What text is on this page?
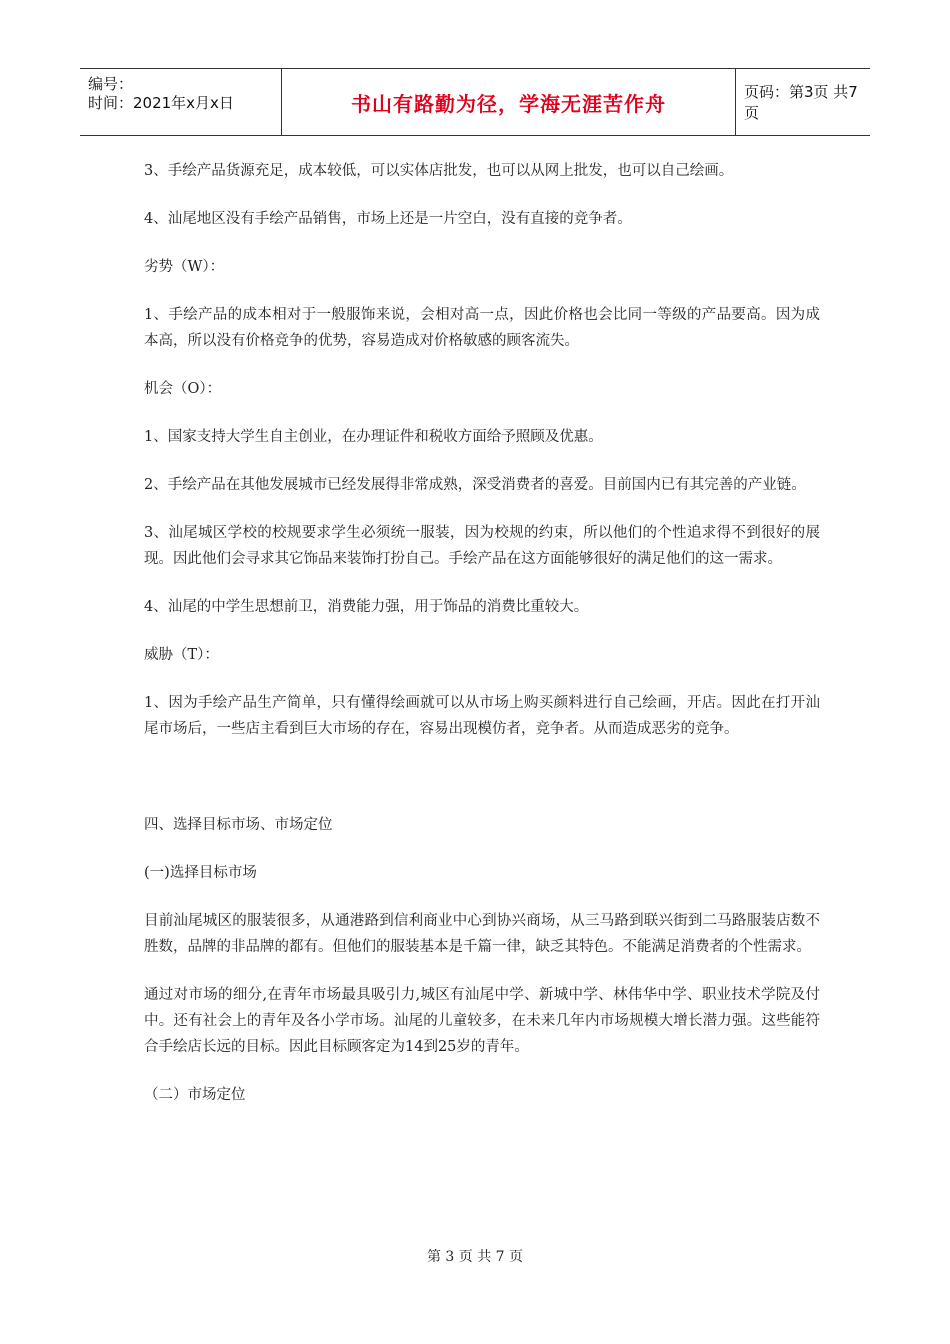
编号：
时间：2021年x月x日	书山有路勤为径，学海无涯苦作舟	页码：第3页 共7页

3、手绘产品货源充足，成本较低，可以实体店批发，也可以从网上批发，也可以自己绘画。

4、汕尾地区没有手绘产品销售，市场上还是一片空白，没有直接的竞争者。

劣势（W）：

1、手绘产品的成本相对于一般服饰来说，会相对高一点，因此价格也会比同一等级的产品要高。因为成本高，所以没有价格竞争的优势，容易造成对价格敏感的顾客流失。

机会（O）：

1、国家支持大学生自主创业，在办理证件和税收方面给予照顾及优惠。

2、手绘产品在其他发展城市已经发展得非常成熟，深受消费者的喜爱。目前国内已有其完善的产业链。

3、汕尾城区学校的校规要求学生必须统一服装，因为校规的约束，所以他们的个性追求得不到很好的展现。因此他们会寻求其它饰品来装饰打扮自己。手绘产品在这方面能够很好的满足他们的这一需求。

4、汕尾的中学生思想前卫，消费能力强，用于饰品的消费比重较大。

威胁（T）：

1、因为手绘产品生产简单，只有懂得绘画就可以从市场上购买颜料进行自己绘画，开店。因此在打开汕尾市场后，一些店主看到巨大市场的存在，容易出现模仿者，竞争者。从而造成恶劣的竞争。

四、选择目标市场、市场定位

(一)选择目标市场

目前汕尾城区的服装很多，从通港路到信利商业中心到协兴商场，从三马路到联兴街到二马路服装店数不胜数，品牌的非品牌的都有。但他们的服装基本是千篇一律，缺乏其特色。不能满足消费者的个性需求。

通过对市场的细分,在青年市场最具吸引力,城区有汕尾中学、新城中学、林伟华中学、职业技术学院及付中。还有社会上的青年及各小学市场。汕尾的儿童较多，在未来几年内市场规模大增长潜力强。这些能符合手绘店长远的目标。因此目标顾客定为14到25岁的青年。

（二）市场定位

第 3 页 共 7 页
